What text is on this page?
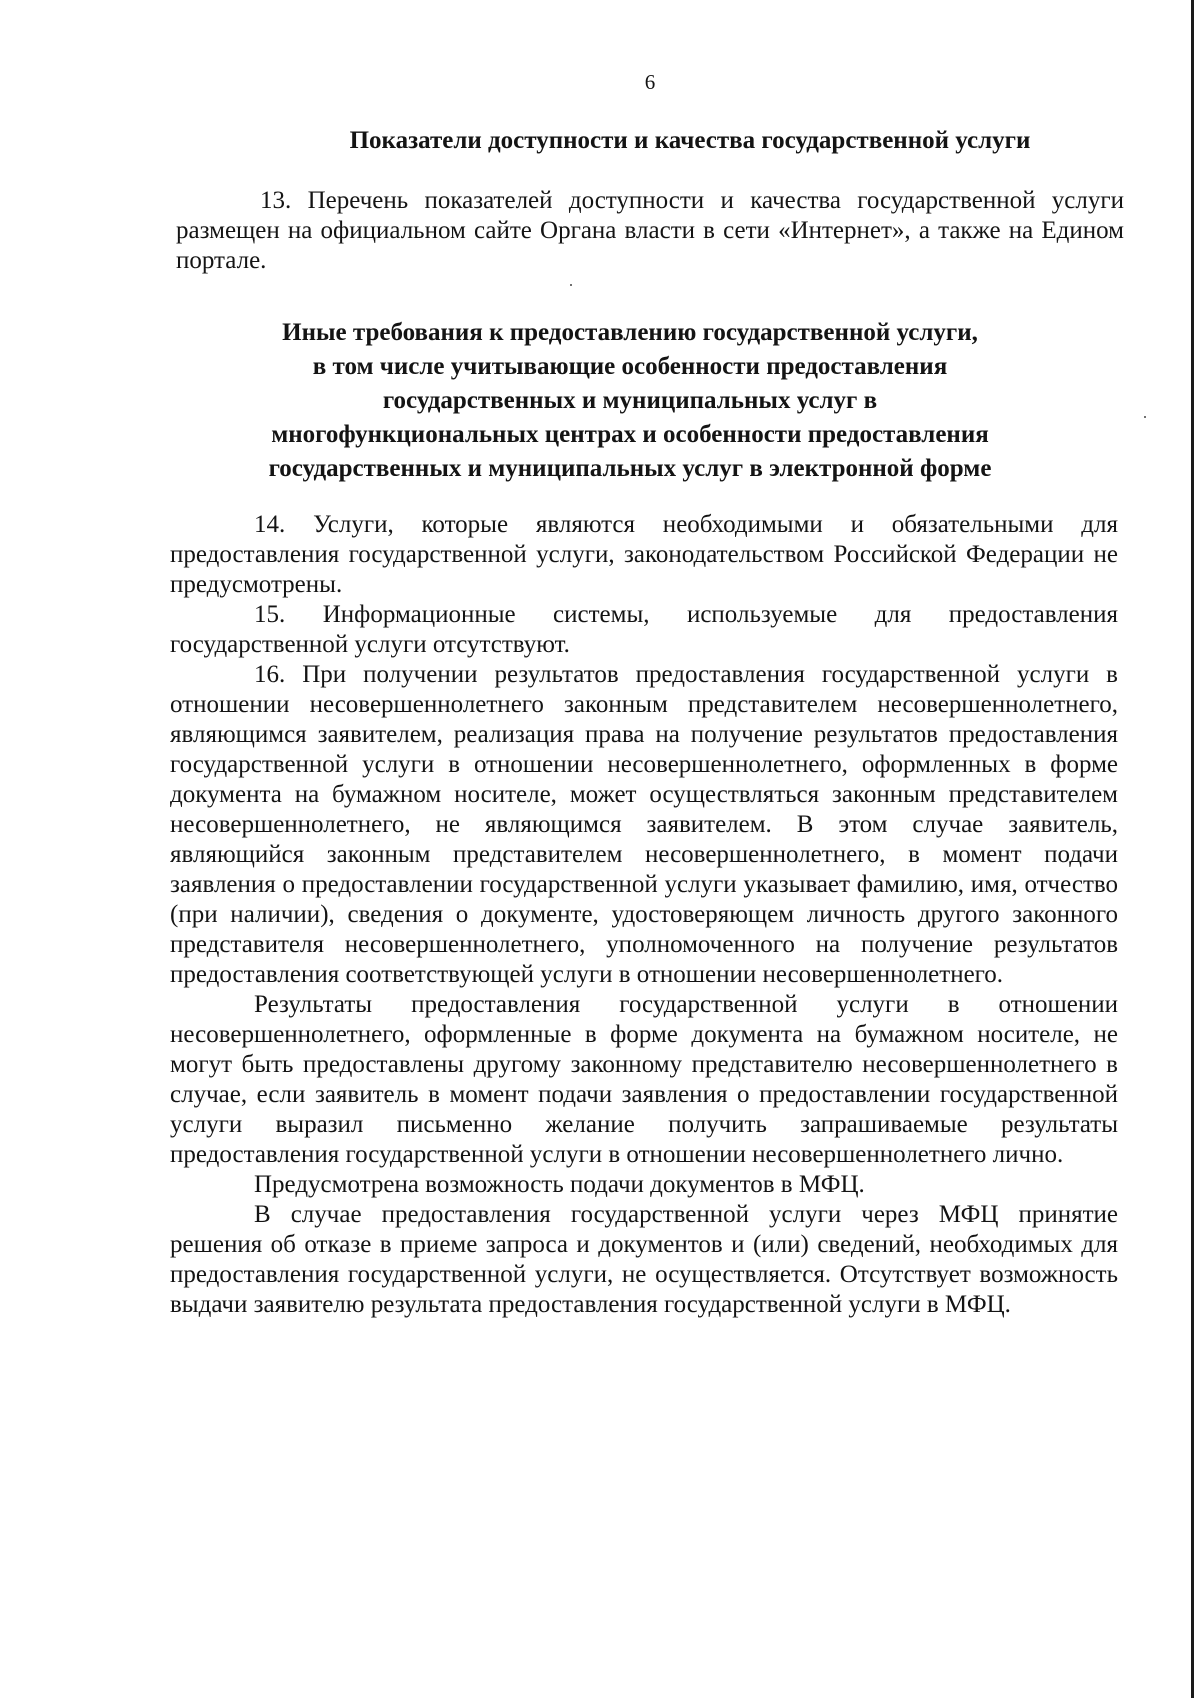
6
Показатели доступности и качества государственной услуги

13. Перечень показателей доступности и качества государственной услуги размещен на официальном сайте Органа власти в сети «Интернет», а также на Едином портале.

Иные требования к предоставлению государственной услуги,
в том числе учитывающие особенности предоставления
государственных и муниципальных услуг в
многофункциональных центрах и особенности предоставления
государственных и муниципальных услуг в электронной форме

14. Услуги, которые являются необходимыми и обязательными для предоставления государственной услуги, законодательством Российской Федерации не предусмотрены.

15. Информационные системы, используемые для предоставления государственной услуги отсутствуют.

16. При получении результатов предоставления государственной услуги в отношении несовершеннолетнего законным представителем несовершеннолетнего, являющимся заявителем, реализация права на получение результатов предоставления государственной услуги в отношении несовершеннолетнего, оформленных в форме документа на бумажном носителе, может осуществляться законным представителем несовершеннолетнего, не являющимся заявителем. В этом случае заявитель, являющийся законным представителем несовершеннолетнего, в момент подачи заявления о предоставлении государственной услуги указывает фамилию, имя, отчество (при наличии), сведения о документе, удостоверяющем личность другого законного представителя несовершеннолетнего, уполномоченного на получение результатов предоставления соответствующей услуги в отношении несовершеннолетнего.

Результаты предоставления государственной услуги в отношении несовершеннолетнего, оформленные в форме документа на бумажном носителе, не могут быть предоставлены другому законному представителю несовершеннолетнего в случае, если заявитель в момент подачи заявления о предоставлении государственной услуги выразил письменно желание получить запрашиваемые результаты предоставления государственной услуги в отношении несовершеннолетнего лично.

Предусмотрена возможность подачи документов в МФЦ.

В случае предоставления государственной услуги через МФЦ принятие решения об отказе в приеме запроса и документов и (или) сведений, необходимых для предоставления государственной услуги, не осуществляется. Отсутствует возможность выдачи заявителю результата предоставления государственной услуги в МФЦ.
